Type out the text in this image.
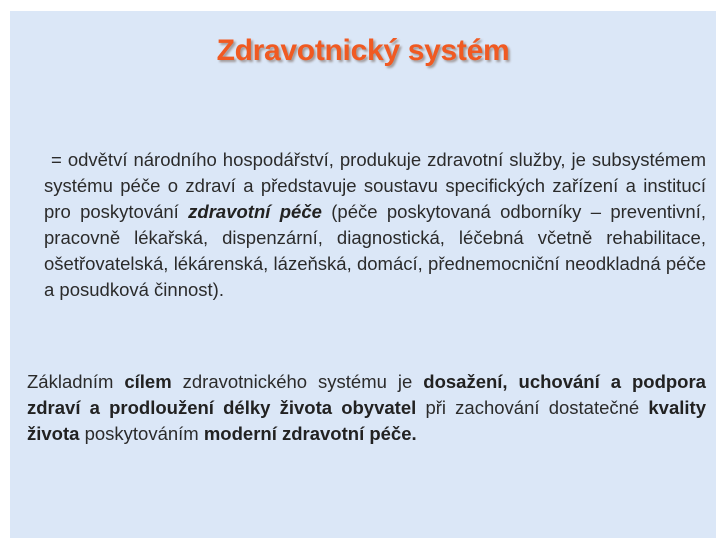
Zdravotnický systém
= odvětví národního hospodářství, produkuje zdravotní služby, je subsystémem systému péče o zdraví a představuje soustavu specifických zařízení a institucí pro poskytování zdravotní péče (péče poskytovaná odborníky – preventivní, pracovně lékařská, dispenzární, diagnostická, léčebná včetně rehabilitace, ošetřovatelská, lékárenská, lázeňská, domácí, přednemocniční neodkladná péče a posudková činnost).
Základním cílem zdravotnického systému je dosažení, uchování a podpora zdraví a prodloužení délky života obyvatel při zachování dostatečné kvality života poskytováním moderní zdravotní péče.
